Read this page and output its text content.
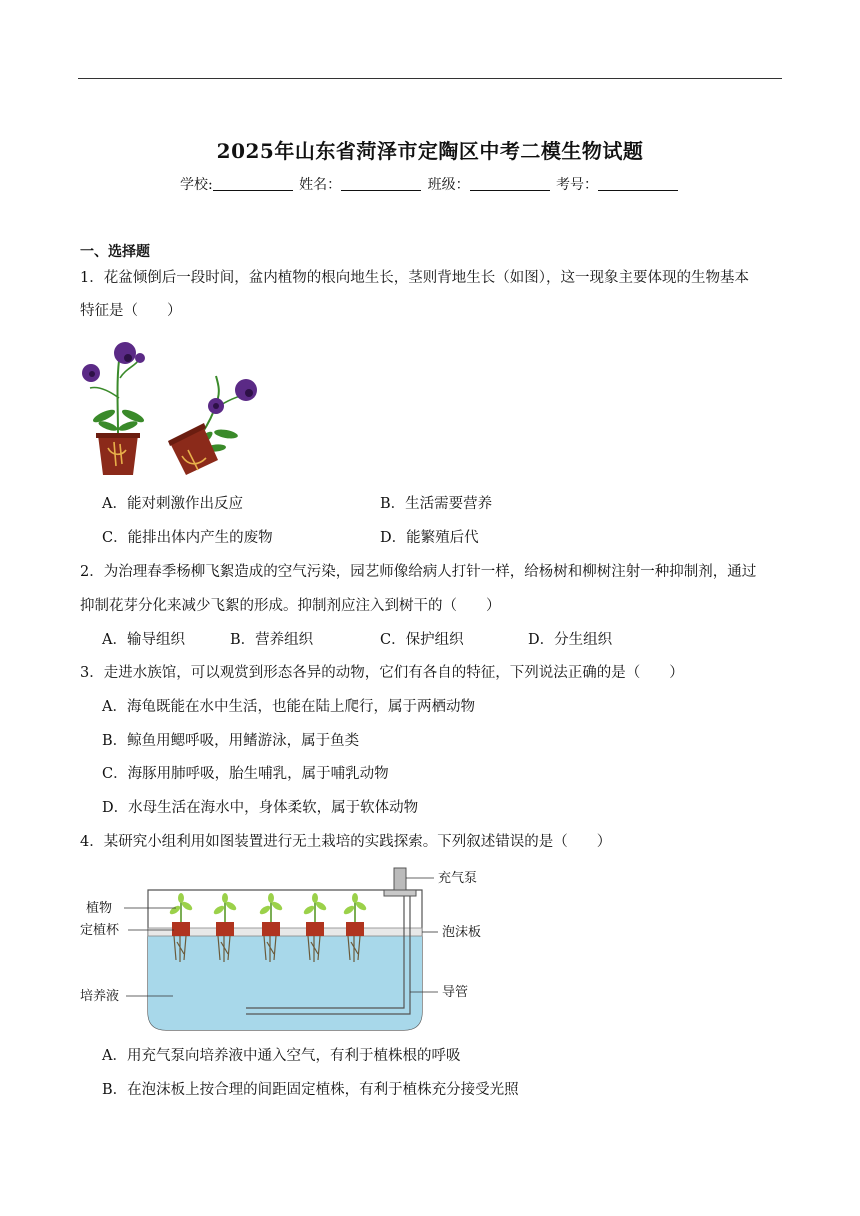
2025年山东省菏泽市定陶区中考二模生物试题
学校:	姓名：	班级：	考号：
一、选择题
1．花盆倾倒后一段时间，盆内植物的根向地生长，茎则背地生长（如图），这一现象主要体现的生物基本
特征是（　　）
A．能对刺激作出反应	B．生活需要营养
C．能排出体内产生的废物	D．能繁殖后代
2．为治理春季杨柳飞絮造成的空气污染，园艺师像给病人打针一样，给杨树和柳树注射一种抑制剂，通过
抑制花芽分化来减少飞絮的形成。抑制剂应注入到树干的（　　）
A．输导组织	B．营养组织	C．保护组织	D．分生组织
3．走进水族馆，可以观赏到形态各异的动物，它们有各自的特征，下列说法正确的是（　　）
A．海龟既能在水中生活，也能在陆上爬行，属于两栖动物
B．鲸鱼用鳃呼吸，用鳍游泳，属于鱼类
C．海豚用肺呼吸，胎生哺乳，属于哺乳动物
D．水母生活在海水中，身体柔软，属于软体动物
4．某研究小组利用如图装置进行无土栽培的实践探索。下列叙述错误的是（　　）
植物
定植杯
培养液
充气泵
泡沫板
导管
A．用充气泵向培养液中通入空气，有利于植株根的呼吸
B．在泡沫板上按合理的间距固定植株，有利于植株充分接受光照
